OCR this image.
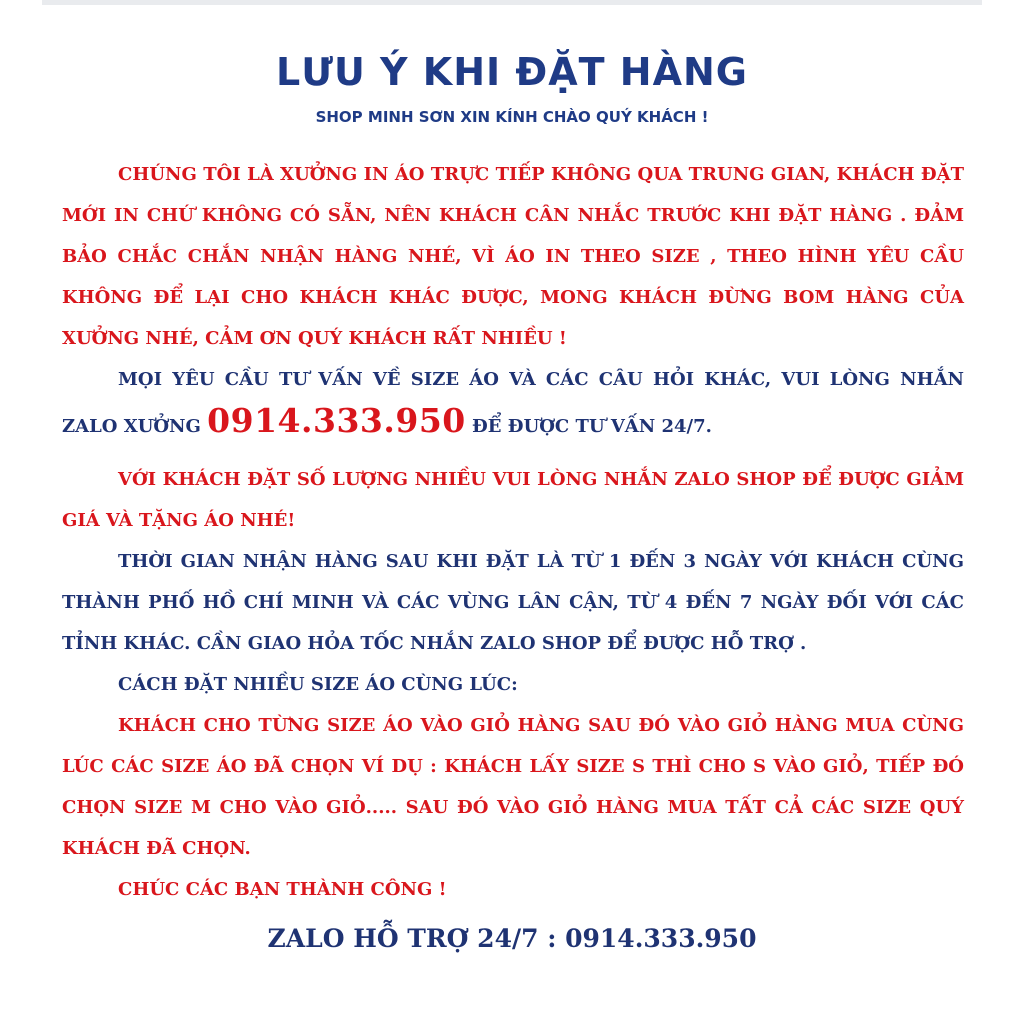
LƯU Ý KHI ĐẶT HÀNG
SHOP MINH SƠN XIN KÍNH CHÀO QUÝ KHÁCH !

CHÚNG TÔI LÀ XƯỞNG IN ÁO TRỰC TIẾP KHÔNG QUA TRUNG GIAN, KHÁCH ĐẶT MỚI IN CHỨ KHÔNG CÓ SẴN, NÊN KHÁCH CÂN NHẮC TRƯỚC KHI ĐẶT HÀNG . ĐẢM BẢO CHẮC CHẮN NHẬN HÀNG NHÉ, VÌ ÁO IN THEO SIZE , THEO HÌNH YÊU CẦU KHÔNG ĐỂ LẠI CHO KHÁCH KHÁC ĐƯỢC, MONG KHÁCH ĐỪNG BOM HÀNG CỦA XƯỞNG NHÉ, CẢM ƠN QUÝ KHÁCH RẤT NHIỀU !

MỌI YÊU CẦU TƯ VẤN VỀ SIZE ÁO VÀ CÁC CÂU HỎI KHÁC, VUI LÒNG NHẮN ZALO XƯỞNG 0914.333.950 ĐỂ ĐƯỢC TƯ VẤN 24/7.

VỚI KHÁCH ĐẶT SỐ LƯỢNG NHIỀU VUI LÒNG NHẮN ZALO SHOP ĐỂ ĐƯỢC GIẢM GIÁ VÀ TẶNG ÁO NHÉ!

THỜI GIAN NHẬN HÀNG SAU KHI ĐẶT LÀ TỪ 1 ĐẾN 3 NGÀY VỚI KHÁCH CÙNG THÀNH PHỐ HỒ CHÍ MINH VÀ CÁC VÙNG LÂN CẬN, TỪ 4 ĐẾN 7 NGÀY ĐỐI VỚI CÁC TỈNH KHÁC. CẦN GIAO HỎA TỐC NHẮN ZALO SHOP ĐỂ ĐƯỢC HỖ TRỢ .

CÁCH ĐẶT NHIỀU SIZE ÁO CÙNG LÚC:

KHÁCH CHO TỪNG SIZE ÁO VÀO GIỎ HÀNG SAU ĐÓ VÀO GIỎ HÀNG MUA CÙNG LÚC CÁC SIZE ÁO ĐÃ CHỌN VÍ DỤ : KHÁCH LẤY SIZE S THÌ CHO S VÀO GIỎ, TIẾP ĐÓ CHỌN SIZE M CHO VÀO GIỎ..... SAU ĐÓ VÀO GIỎ HÀNG MUA TẤT CẢ CÁC SIZE QUÝ KHÁCH ĐÃ CHỌN.

CHÚC CÁC BẠN THÀNH CÔNG !

ZALO HỖ TRỢ 24/7 : 0914.333.950
